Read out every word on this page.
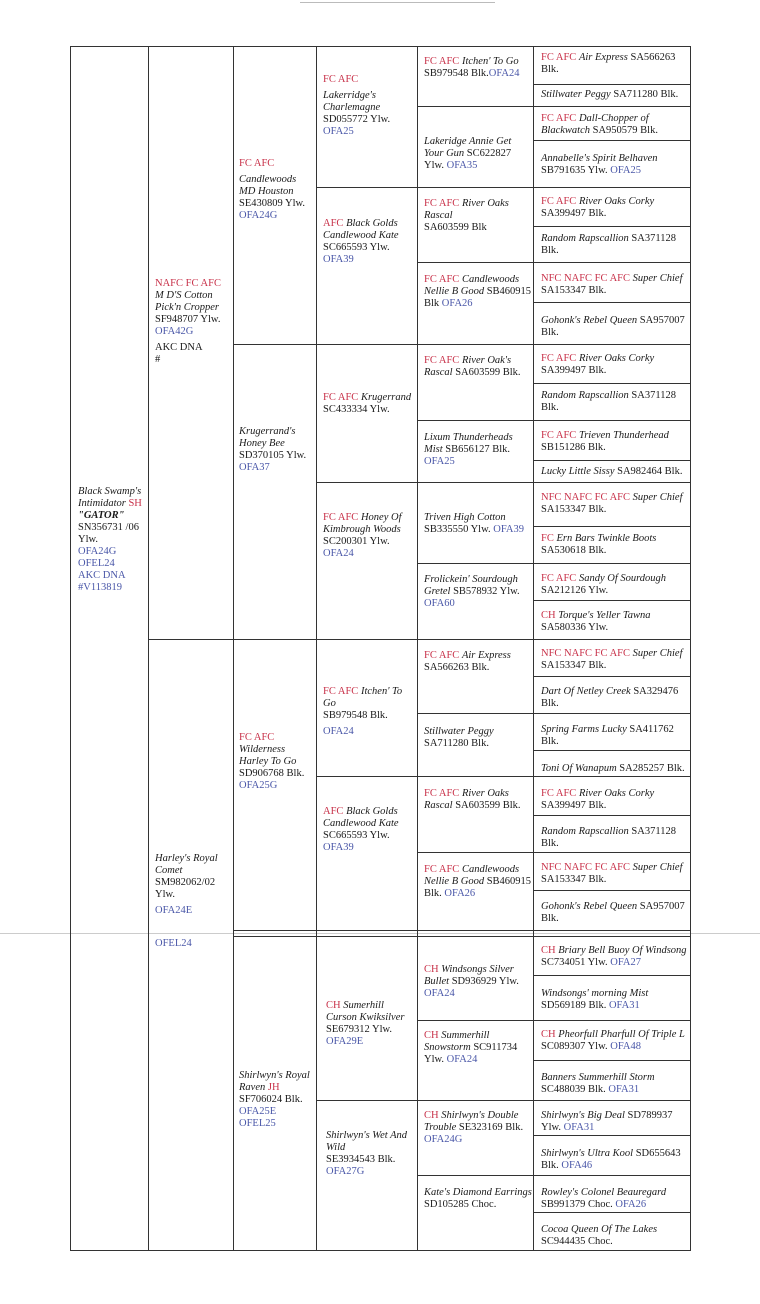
Black Swamp's Intimidator SH
"GATOR"
SN356731 /06 Ylw.
OFA24G
OFEL24
AKC DNA
#V113819
NAFC FC AFC
M D'S Cotton Pick'n Cropper
SF948707 Ylw.
OFA42G
AKC DNA
#
Harley's Royal Comet
SM982062/02 Ylw.
OFA24E
OFEL24
FC AFC
Candlewoods MD Houston
SE430809 Ylw.
OFA24G
Krugerrand's Honey Bee
SD370105 Ylw.
OFA37
FC AFC
Wilderness Harley To Go
SD906768 Blk.
OFA25G
Shirlwyn's Royal Raven JH
SF706024 Blk.
OFA25E
OFEL25
FC AFC
Lakerridge's Charlemagne
SD055772 Ylw.
OFA25
AFC Black Golds Candlewood Kate
SC665593 Ylw.
OFA39
FC AFC Krugerrand
SC433334 Ylw.
FC AFC Honey Of Kimbrough Woods
SC200301 Ylw.
OFA24
FC AFC Itchen' To Go
SB979548 Blk.
OFA24
AFC Black Golds Candlewood Kate
SC665593 Ylw.
OFA39
CH Sumerhill Curson Kwiksilver
SE679312 Ylw.
OFA29E
Shirlwyn's Wet And Wild
SE3934543 Blk. OFA27G
FC AFC Itchen' To Go
SB979548 Blk.OFA24
Lakeridge Annie Get Your Gun SC622827 Ylw. OFA35
FC AFC River Oaks Rascal
SA603599 Blk
FC AFC Candlewoods Nellie B Good SB460915 Blk OFA26
FC AFC River Oak's Rascal SA603599 Blk.
Lixum Thunderheads Mist SB656127 Blk.
OFA25
Triven High Cotton
SB335550 Ylw. OFA39
Frolickein' Sourdough Gretel SB578932 Ylw.
OFA60
FC AFC Air Express
SA566263 Blk.
Stillwater Peggy
SA711280 Blk.
FC AFC River Oaks Rascal SA603599 Blk.
FC AFC Candlewoods Nellie B Good SB460915 Blk. OFA26
CH Windsongs Silver Bullet SD936929 Ylw.
OFA24
CH Summerhill Snowstorm SC911734 Ylw. OFA24
CH Shirlwyn's Double Trouble SE323169 Blk.
OFA24G
Kate's Diamond Earrings SD105285 Choc.
FC AFC Air Express SA566263 Blk.
Stillwater Peggy SA711280 Blk.
FC AFC Dall-Chopper of Blackwatch SA950579 Blk.
Annabelle's Spirit Belhaven SB791635 Ylw. OFA25
FC AFC River Oaks Corky SA399497 Blk.
Random Rapscallion SA371128 Blk.
NFC NAFC FC AFC Super Chief SA153347 Blk.
Gohonk's Rebel Queen SA957007 Blk.
FC AFC River Oaks Corky SA399497 Blk.
Random Rapscallion SA371128 Blk.
FC AFC Trieven Thunderhead SB151286 Blk.
Lucky Little Sissy SA982464 Blk.
NFC NAFC FC AFC Super Chief SA153347 Blk.
FC Ern Bars Twinkle Boots SA530618 Blk.
FC AFC Sandy Of Sourdough SA212126 Ylw.
CH Torque's Yeller Tawna SA580336 Ylw.
NFC NAFC FC AFC Super Chief SA153347 Blk.
Dart Of Netley Creek SA329476 Blk.
Spring Farms Lucky SA411762 Blk.
Toni Of Wanapum SA285257 Blk.
FC AFC River Oaks Corky SA399497 Blk.
Random Rapscallion SA371128 Blk.
NFC NAFC FC AFC Super Chief SA153347 Blk.
Gohonk's Rebel Queen SA957007 Blk.
CH Briary Bell Buoy Of Windsong SC734051 Ylw. OFA27
Windsongs' morning Mist SD569189 Blk. OFA31
CH Pheorfull Pharfull Of Triple L SC089307 Ylw. OFA48
Banners Summerhill Storm SC488039 Blk. OFA31
Shirlwyn's Big Deal SD789937 Ylw. OFA31
Shirlwyn's Ultra Kool SD655643 Blk. OFA46
Rowley's Colonel Beauregard SB991379 Choc. OFA26
Cocoa Queen Of The Lakes SC944435 Choc.
